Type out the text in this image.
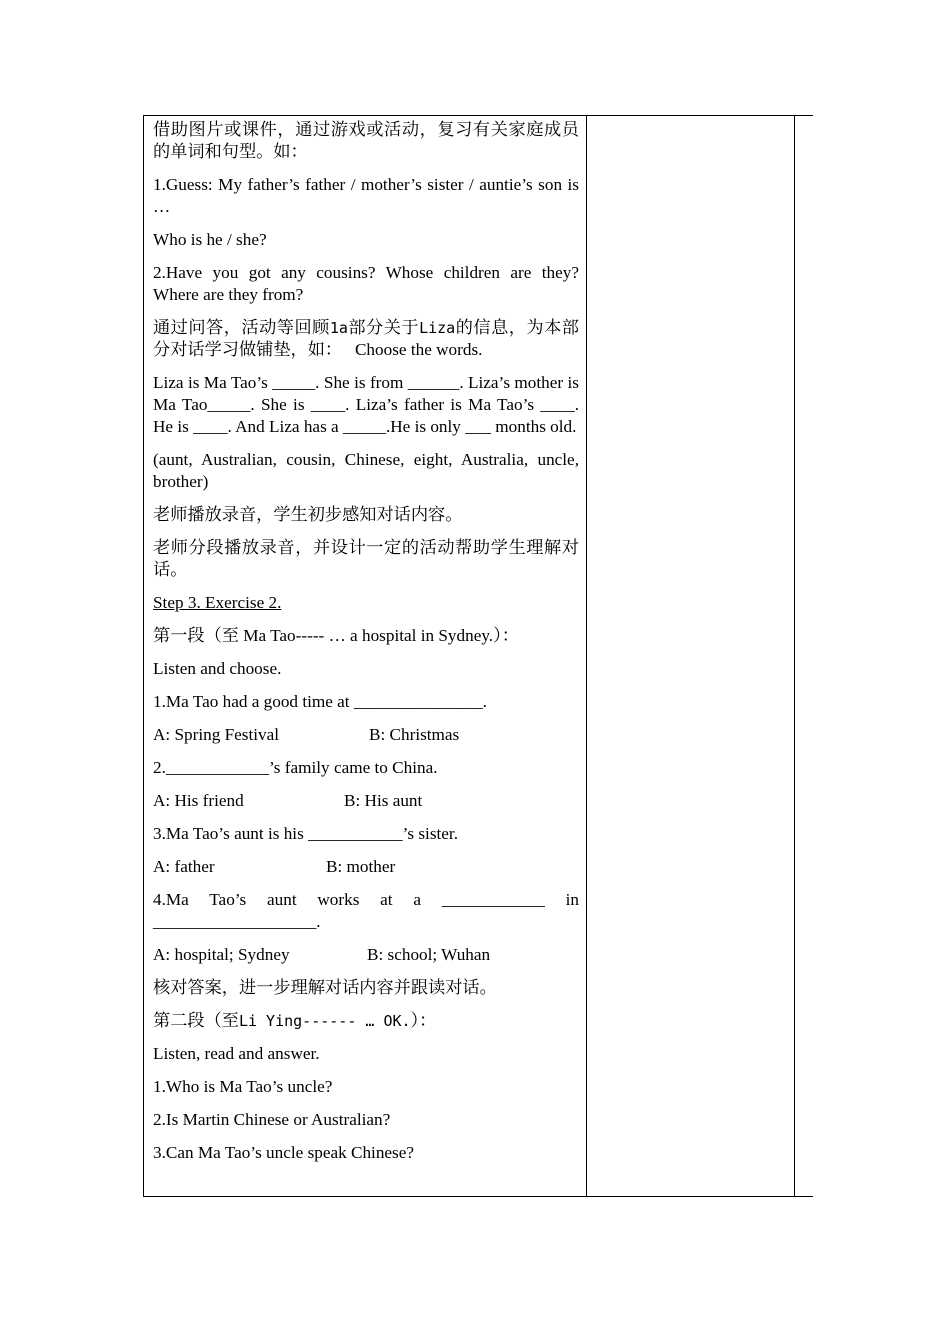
借助图片或课件，通过游戏或活动，复习有关家庭成员的单词和句型。如：
1.Guess: My father’s father / mother’s sister / auntie’s son is …
Who is he / she?
2.Have you got any cousins? Whose children are they? Where are they from?
通过问答，活动等回顾1a部分关于Liza的信息，为本部分对话学习做铺垫，如： Choose the words.
Liza is Ma Tao’s _____. She is from ______. Liza’s mother is Ma Tao_____. She is ____. Liza’s father is Ma Tao’s ____. He is ____. And Liza has a _____.He is only ___ months old.
(aunt, Australian, cousin, Chinese, eight, Australia, uncle, brother)
老师播放录音，学生初步感知对话内容。
老师分段播放录音，并设计一定的活动帮助学生理解对话。
Step 3. Exercise 2.
第一段（至 Ma Tao----- … a hospital in Sydney.）：
Listen and choose.
1.Ma Tao had a good time at _______________.
A: Spring Festival	B: Christmas
2.____________’s family came to China.
A: His friend	B: His aunt
3.Ma Tao’s aunt is his ___________’s sister.
A: father	B: mother
4.Ma Tao’s aunt works at a ____________ in ___________________.
A: hospital; Sydney	B: school; Wuhan
核对答案，进一步理解对话内容并跟读对话。
第二段（至Li Ying------ … OK.）：
Listen, read and answer.
1.Who is Ma Tao’s uncle?
2.Is Martin Chinese or Australian?
3.Can Ma Tao’s uncle speak Chinese?
